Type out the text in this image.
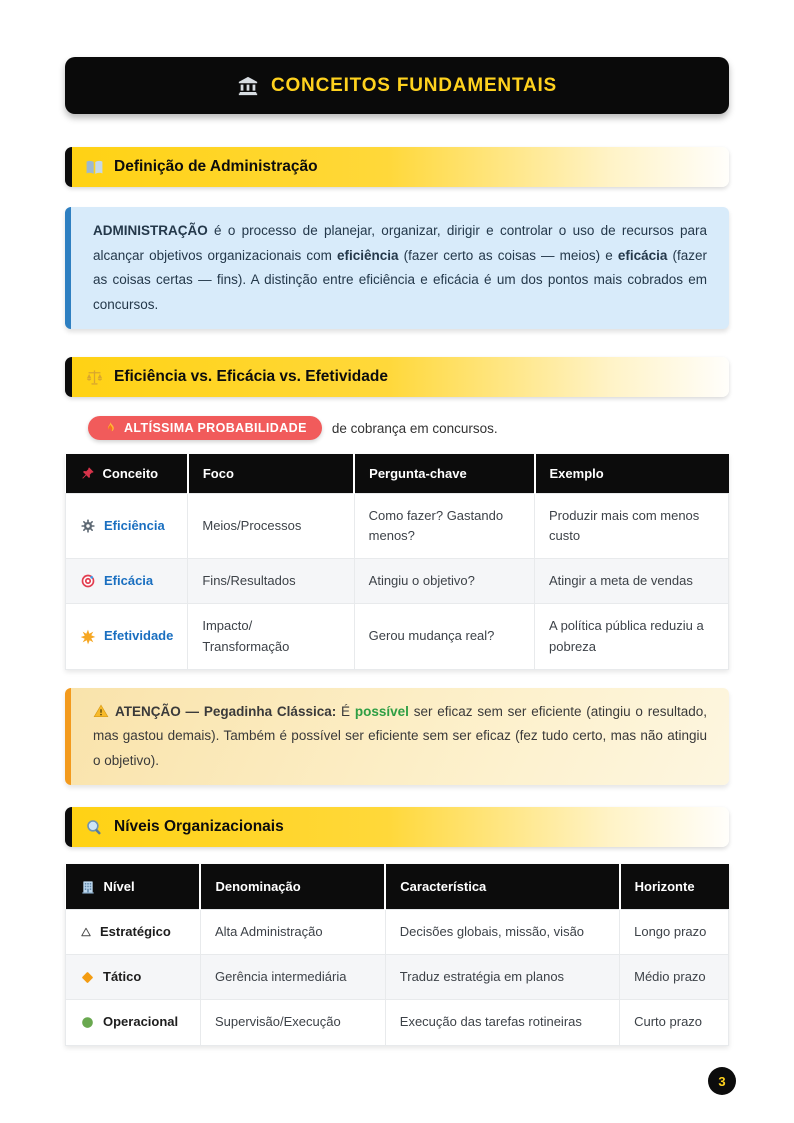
CONCEITOS FUNDAMENTAIS
Definição de Administração

ADMINISTRAÇÃO é o processo de planejar, organizar, dirigir e controlar o uso de recursos para alcançar objetivos organizacionais com eficiência (fazer certo as coisas — meios) e eficácia (fazer as coisas certas — fins). A distinção entre eficiência e eficácia é um dos pontos mais cobrados em concursos.

Eficiência vs. Eficácia vs. Efetividade
ALTÍSSIMA PROBABILIDADE de cobrança em concursos.
Conceito	Foco	Pergunta-chave	Exemplo

Eficiência	Meios/Processos	Como fazer? Gastando menos?	Produzir mais com menos custo

Eficácia	Fins/Resultados	Atingiu o objetivo?	Atingir a meta de vendas

Efetividade	Impacto/ Transformação	Gerou mudança real?	A política pública reduziu a pobreza

ATENÇÃO — Pegadinha Clássica: É possível ser eficaz sem ser eficiente (atingiu o resultado, mas gastou demais). Também é possível ser eficiente sem ser eficaz (fez tudo certo, mas não atingiu o objetivo).

Níveis Organizacionais
Nível	Denominação	Característica	Horizonte

Estratégico	Alta Administração	Decisões globais, missão, visão	Longo prazo

Tático	Gerência intermediária	Traduz estratégia em planos	Médio prazo

Operacional	Supervisão/Execução	Execução das tarefas rotineiras	Curto prazo
3
